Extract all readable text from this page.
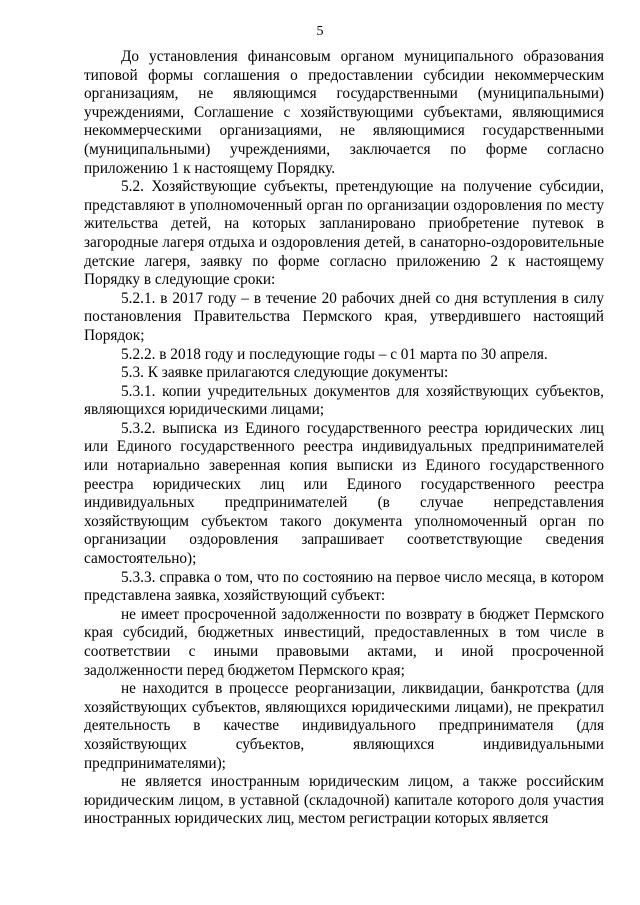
5

До установления финансовым органом муниципального образования типовой формы соглашения о предоставлении субсидии некоммерческим организациям, не являющимся государственными (муниципальными) учреждениями, Соглашение с хозяйствующими субъектами, являющимися некоммерческими организациями, не являющимися государственными (муниципальными) учреждениями, заключается по форме согласно приложению 1 к настоящему Порядку.

5.2. Хозяйствующие субъекты, претендующие на получение субсидии, представляют в уполномоченный орган по организации оздоровления по месту жительства детей, на которых запланировано приобретение путевок в загородные лагеря отдыха и оздоровления детей, в санаторно-оздоровительные детские лагеря, заявку по форме согласно приложению 2 к настоящему Порядку в следующие сроки:

5.2.1. в 2017 году – в течение 20 рабочих дней со дня вступления в силу постановления Правительства Пермского края, утвердившего настоящий Порядок;

5.2.2. в 2018 году и последующие годы – с 01 марта по 30 апреля.

5.3. К заявке прилагаются следующие документы:

5.3.1. копии учредительных документов для хозяйствующих субъектов, являющихся юридическими лицами;

5.3.2. выписка из Единого государственного реестра юридических лиц или Единого государственного реестра индивидуальных предпринимателей или нотариально заверенная копия выписки из Единого государственного реестра юридических лиц или Единого государственного реестра индивидуальных предпринимателей (в случае непредставления хозяйствующим субъектом такого документа уполномоченный орган по организации оздоровления запрашивает соответствующие сведения самостоятельно);

5.3.3. справка о том, что по состоянию на первое число месяца, в котором представлена заявка, хозяйствующий субъект:

не имеет просроченной задолженности по возврату в бюджет Пермского края субсидий, бюджетных инвестиций, предоставленных в том числе в соответствии с иными правовыми актами, и иной просроченной задолженности перед бюджетом Пермского края;

не находится в процессе реорганизации, ликвидации, банкротства (для хозяйствующих субъектов, являющихся юридическими лицами), не прекратил деятельность в качестве индивидуального предпринимателя (для хозяйствующих субъектов, являющихся индивидуальными предпринимателями);

не является иностранным юридическим лицом, а также российским юридическим лицом, в уставной (складочной) капитале которого доля участия иностранных юридических лиц, местом регистрации которых является
